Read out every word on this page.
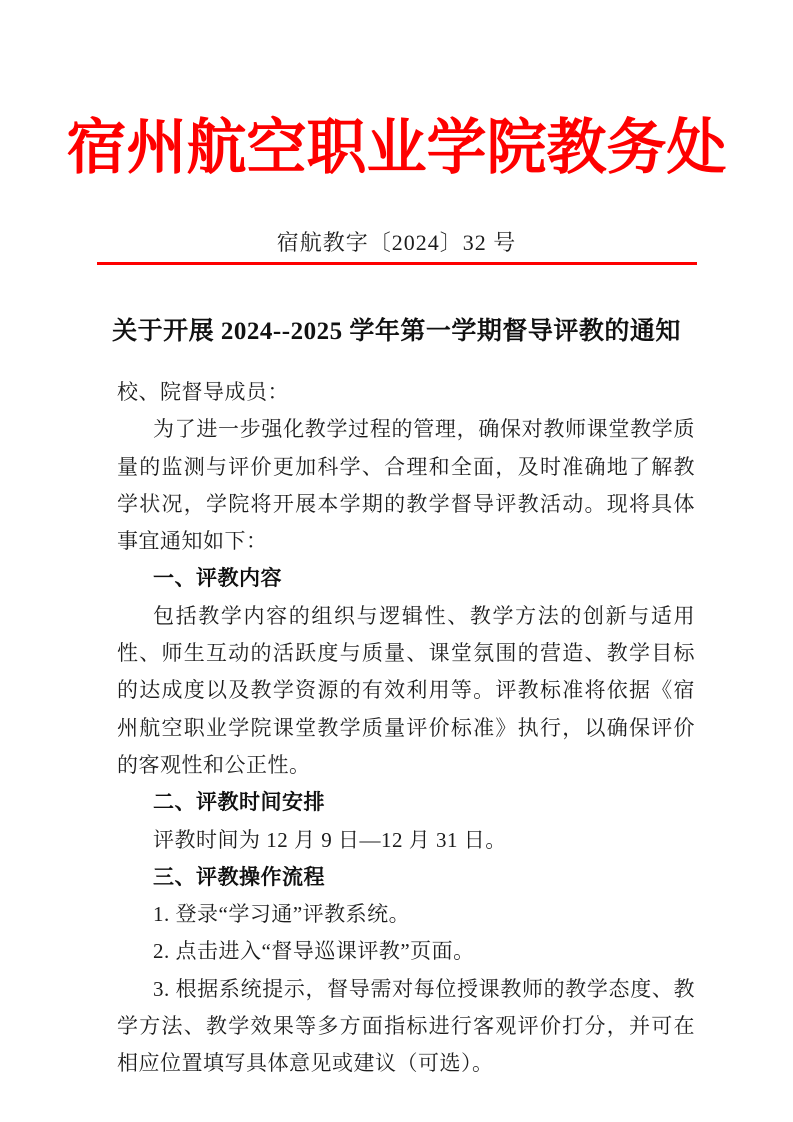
宿州航空职业学院教务处
宿航教字〔2024〕32 号
关于开展 2024--2025 学年第一学期督导评教的通知

校、院督导成员：

为了进一步强化教学过程的管理，确保对教师课堂教学质量的监测与评价更加科学、合理和全面，及时准确地了解教学状况，学院将开展本学期的教学督导评教活动。现将具体事宜通知如下：

一、评教内容

包括教学内容的组织与逻辑性、教学方法的创新与适用性、师生互动的活跃度与质量、课堂氛围的营造、教学目标的达成度以及教学资源的有效利用等。评教标准将依据《宿州航空职业学院课堂教学质量评价标准》执行，以确保评价的客观性和公正性。

二、评教时间安排

评教时间为 12 月 9 日—12 月 31 日。

三、评教操作流程

1. 登录“学习通”评教系统。

2. 点击进入“督导巡课评教”页面。

3. 根据系统提示，督导需对每位授课教师的教学态度、教学方法、教学效果等多方面指标进行客观评价打分，并可在相应位置填写具体意见或建议（可选）。
